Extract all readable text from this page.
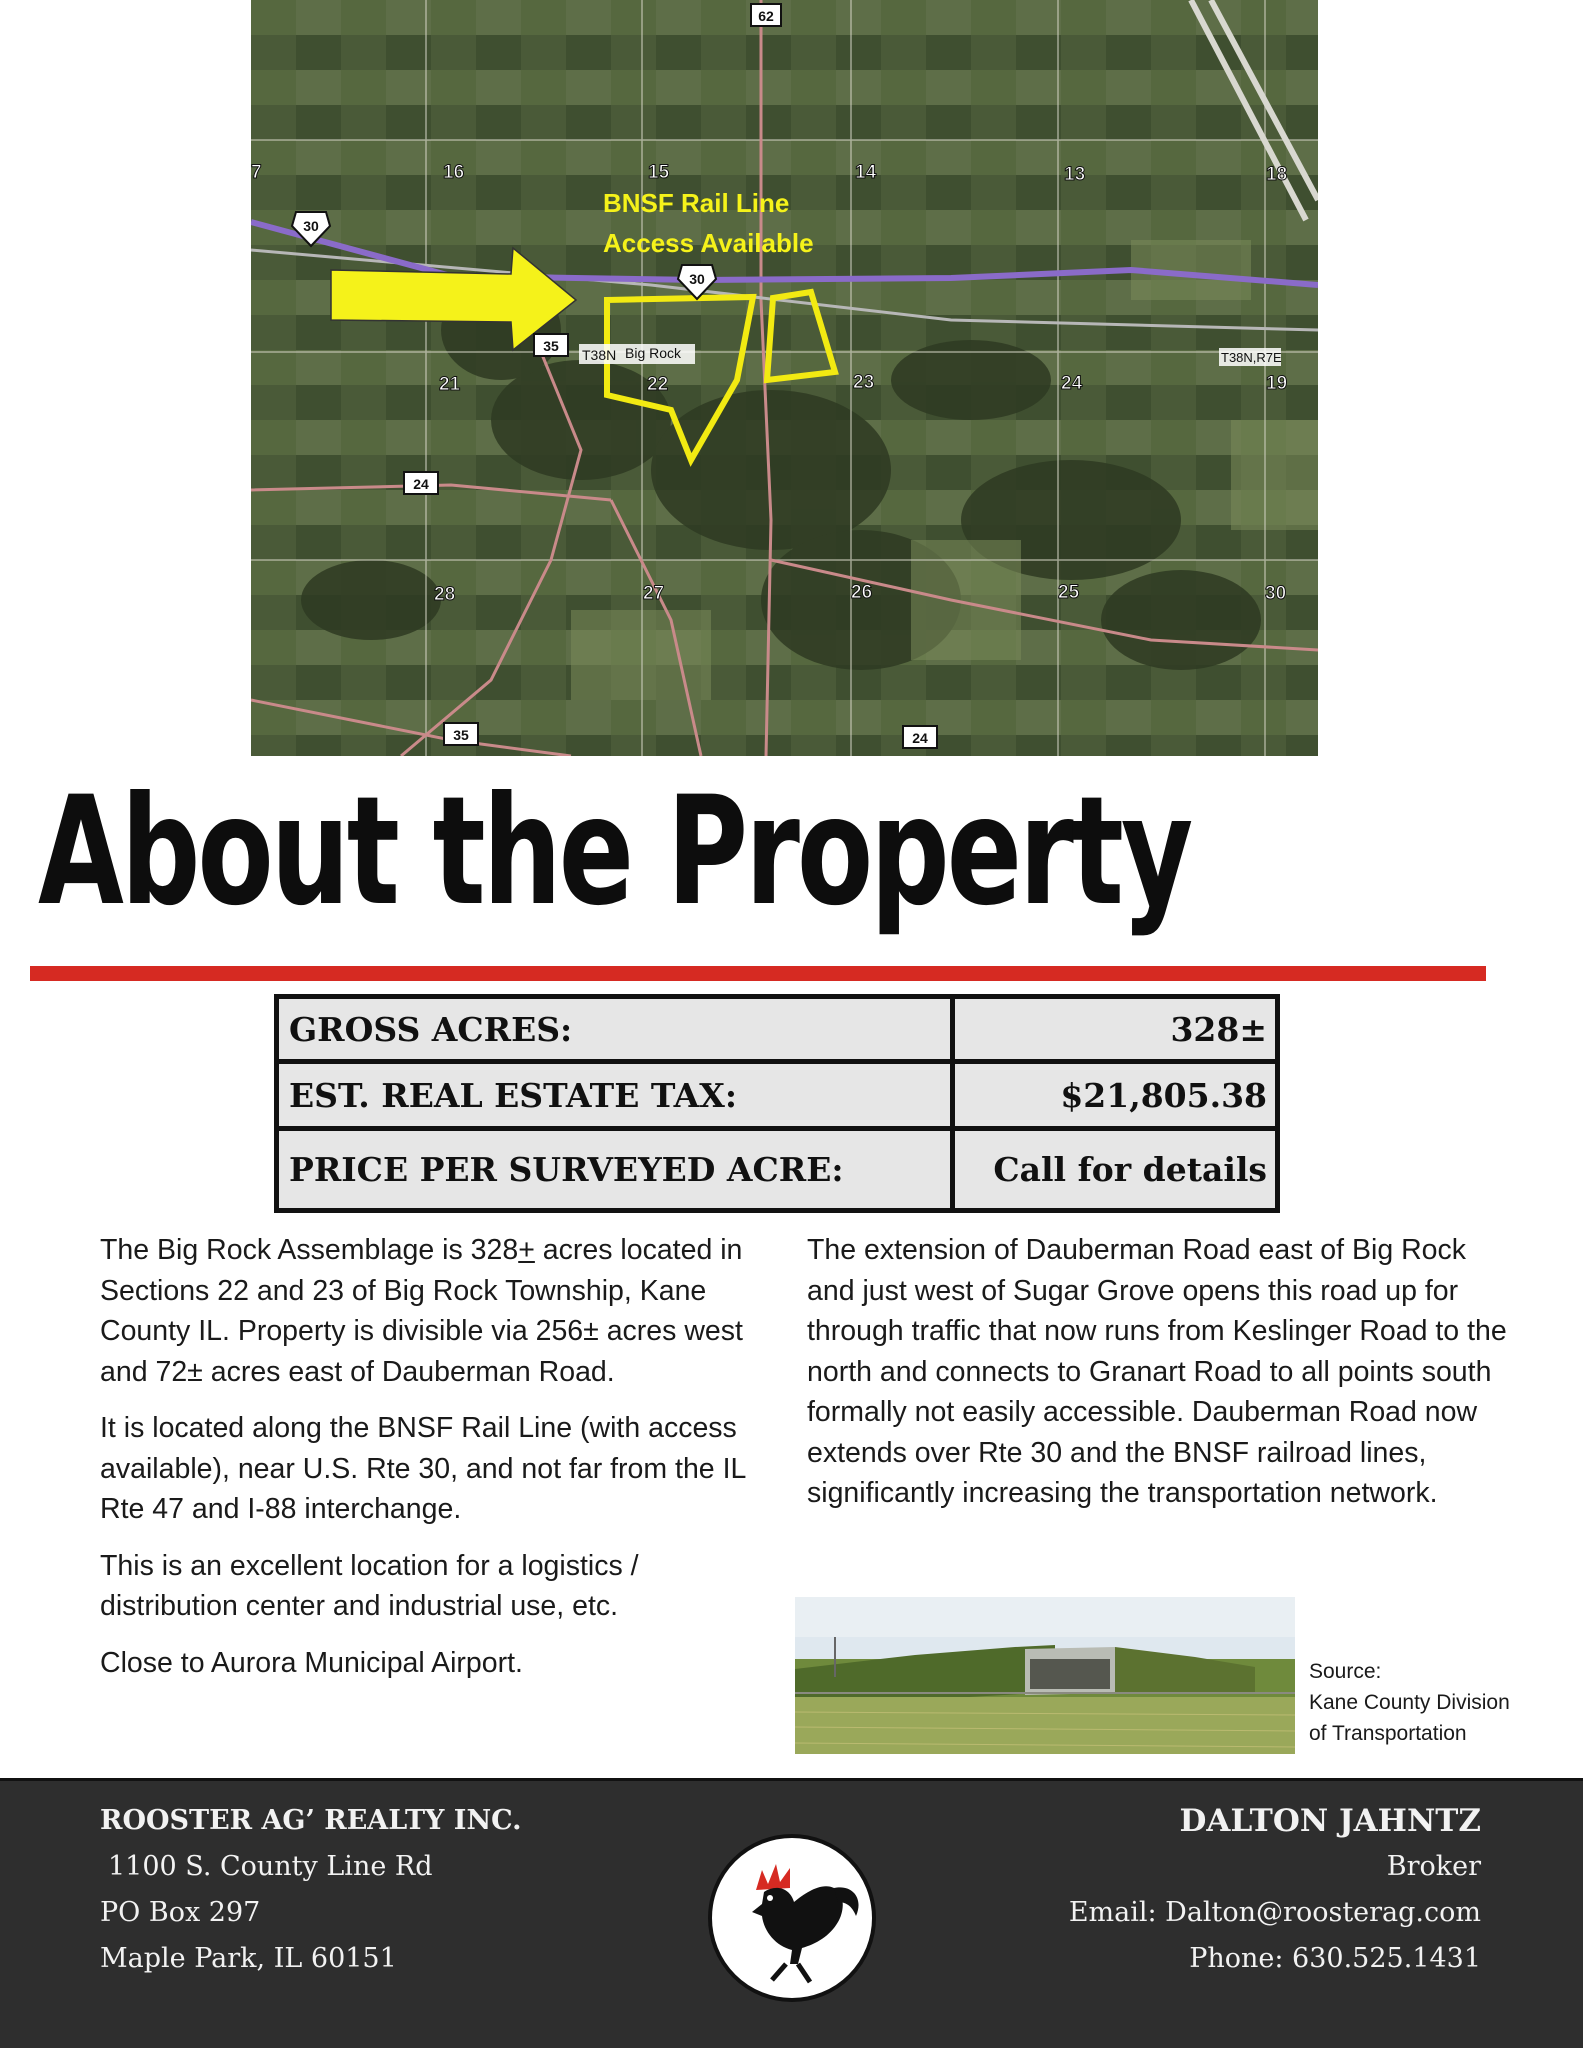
BNSF Rail Line
Access Available
62
30
30
35
24
35	24
7	16	15	14	13	18
21	22	23	24	19
28	27	26	25	30
T38N Big Rock	T38N,R7E
About the Property
GROSS ACRES:	328±
EST. REAL ESTATE TAX:	$21,805.38
PRICE PER SURVEYED ACRE:	Call for details

The Big Rock Assemblage is 328+ acres located in Sections 22 and 23 of Big Rock Township, Kane County IL. Property is divisible via 256± acres west and 72± acres east of Dauberman Road.

It is located along the BNSF Rail Line (with access available), near U.S. Rte 30, and not far from the IL Rte 47 and I-88 interchange.

This is an excellent location for a logistics / distribution center and industrial use, etc.

Close to Aurora Municipal Airport.

The extension of Dauberman Road east of Big Rock and just west of Sugar Grove opens this road up for through traffic that now runs from Keslinger Road to the north and connects to Granart Road to all points south formally not easily accessible. Dauberman Road now extends over Rte 30 and the BNSF railroad lines, significantly increasing the transportation network.

Source:
Kane County Division
of Transportation
ROOSTER AG’ REALTY INC.
1100 S. County Line Rd
PO Box 297
Maple Park, IL 60151
DALTON JAHNTZ
Broker
Email: Dalton@roosterag.com
Phone: 630.525.1431
